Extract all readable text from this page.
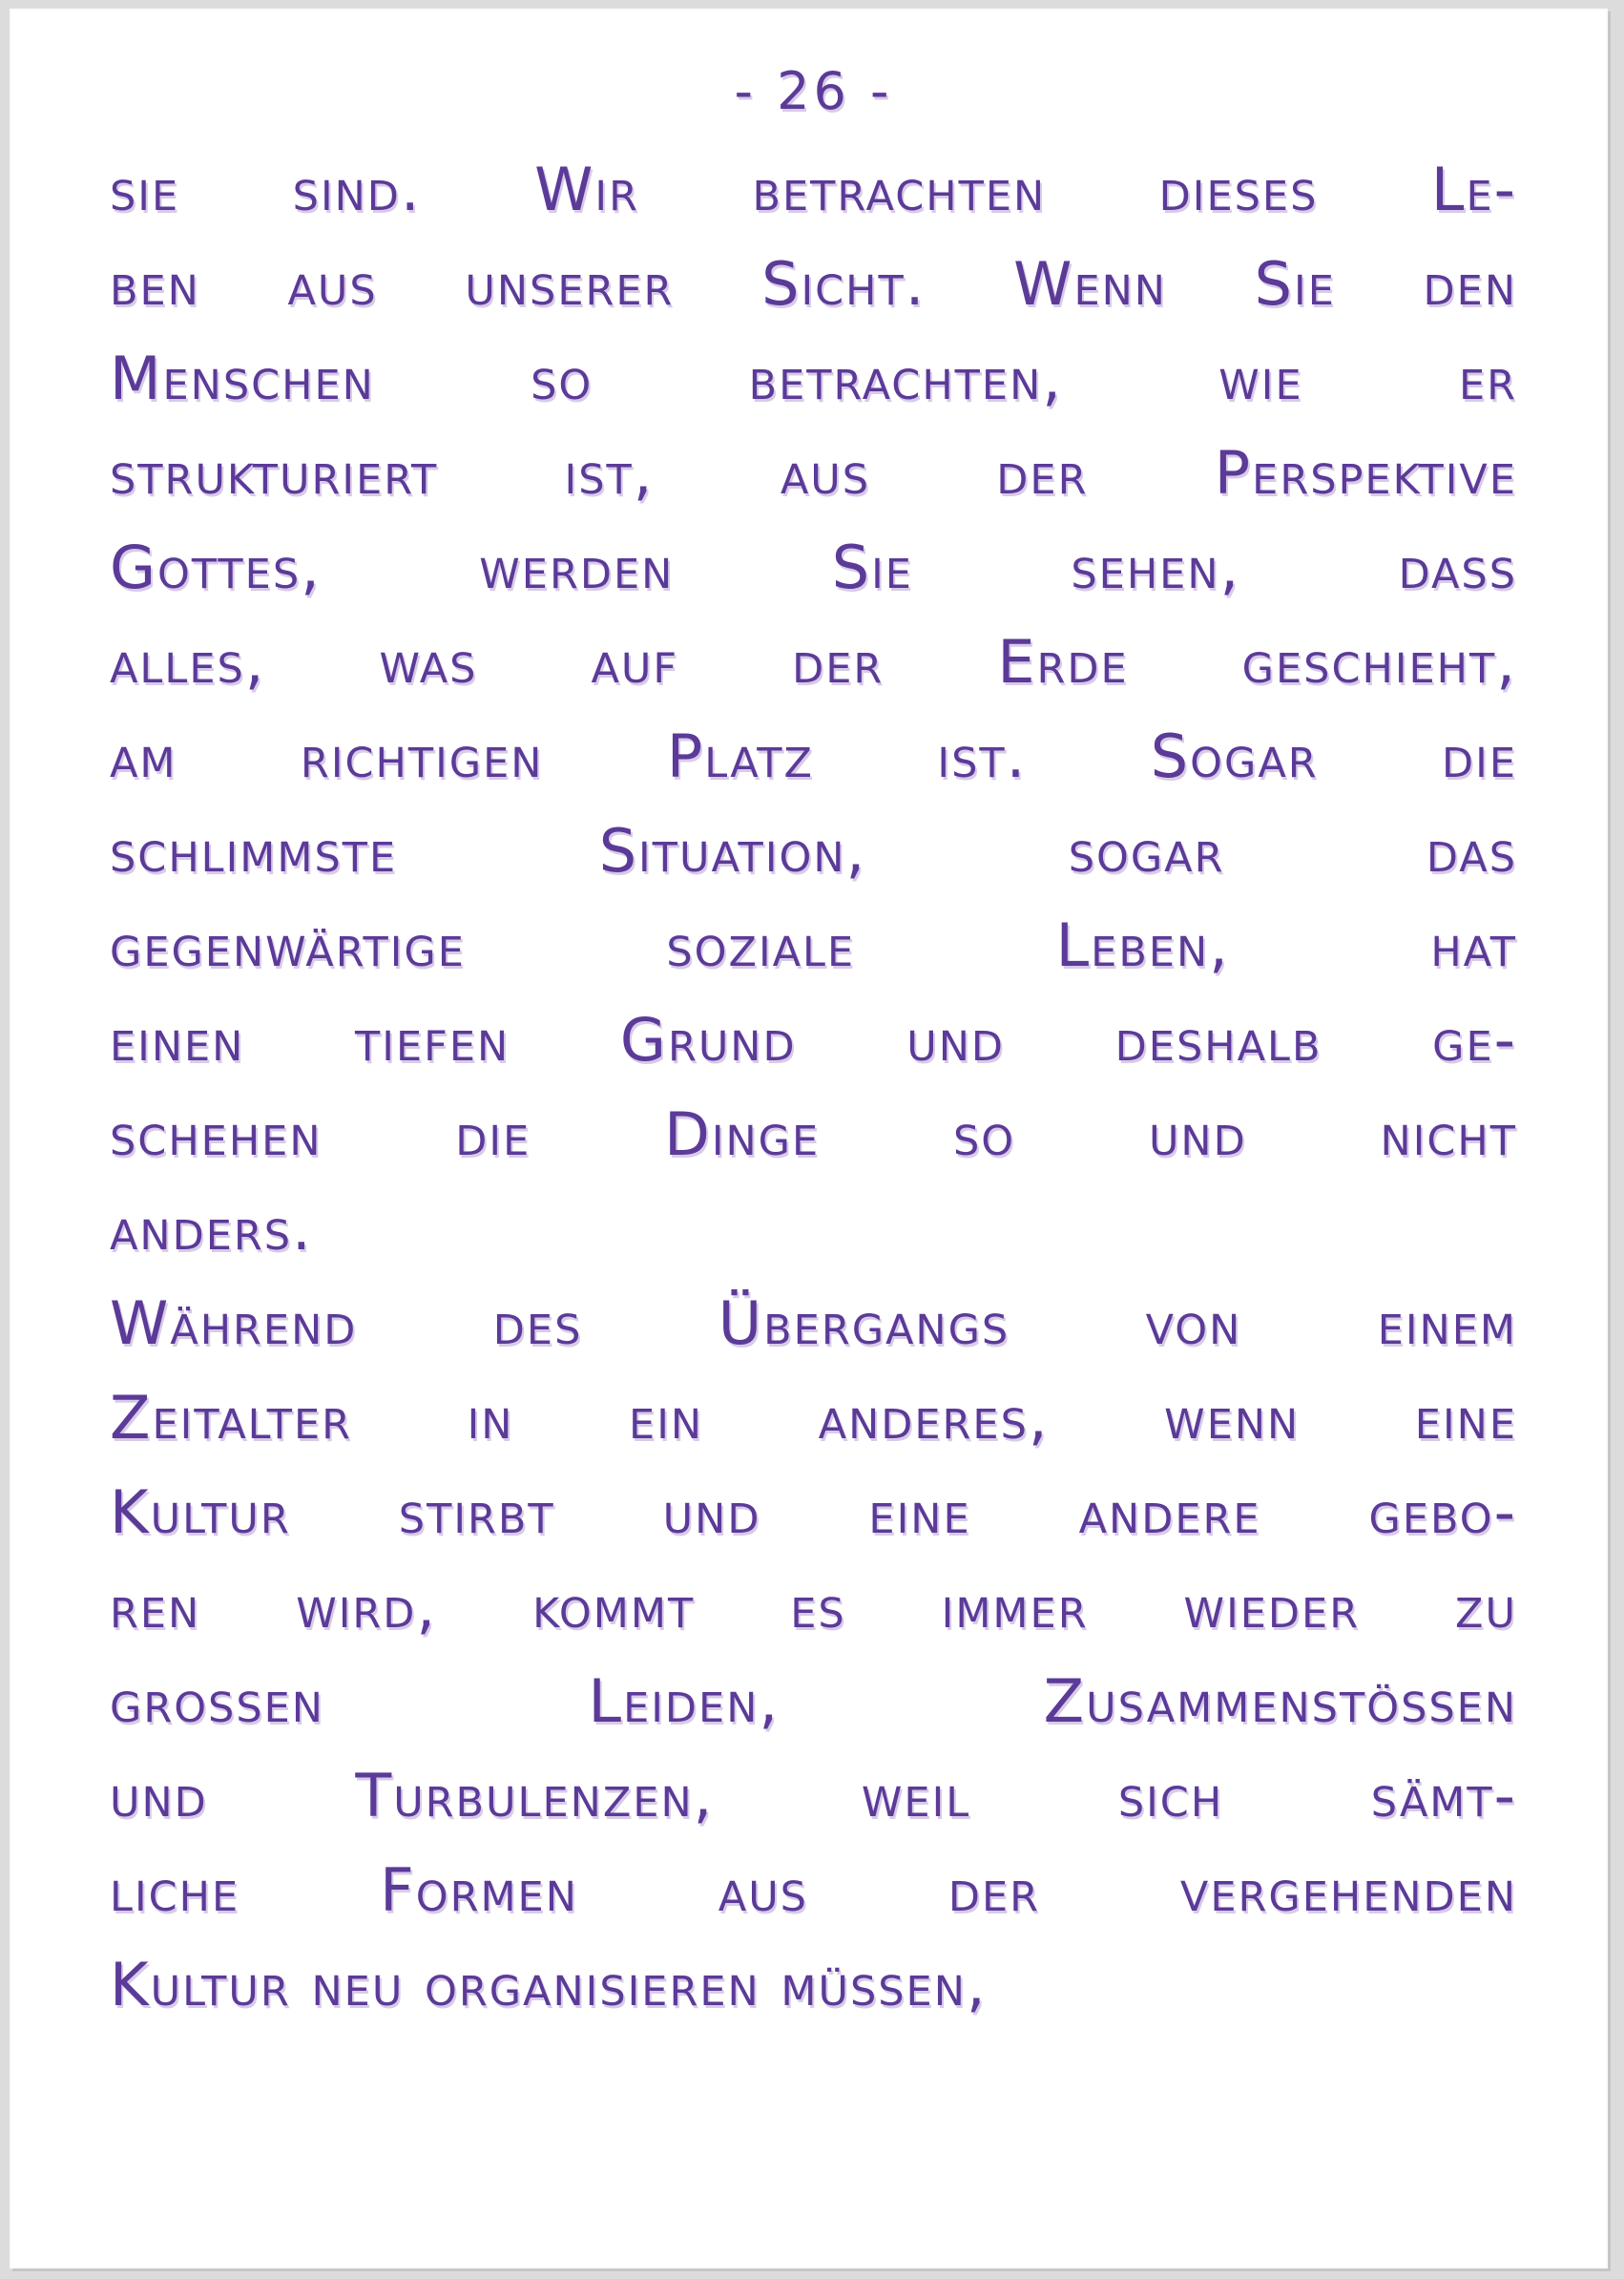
- 26 -
sie sind. Wir betrachten dieses Le-
ben aus unserer Sicht. Wenn Sie den
Menschen so betrachten, wie er
strukturiert ist, aus der Perspektive
Gottes, werden Sie sehen, dass
alles, was auf der Erde geschieht,
am richtigen Platz ist. Sogar die
schlimmste Situation, sogar das
gegenwärtige soziale Leben, hat
einen tiefen Grund und deshalb ge-
schehen die Dinge so und nicht
anders.
Während des Übergangs von einem
Zeitalter in ein anderes, wenn eine
Kultur stirbt und eine andere gebo-
ren wird, kommt es immer wieder zu
grossen Leiden, Zusammenstössen
und Turbulenzen, weil sich sämt-
liche Formen aus der vergehenden
Kultur neu organisieren müssen,
